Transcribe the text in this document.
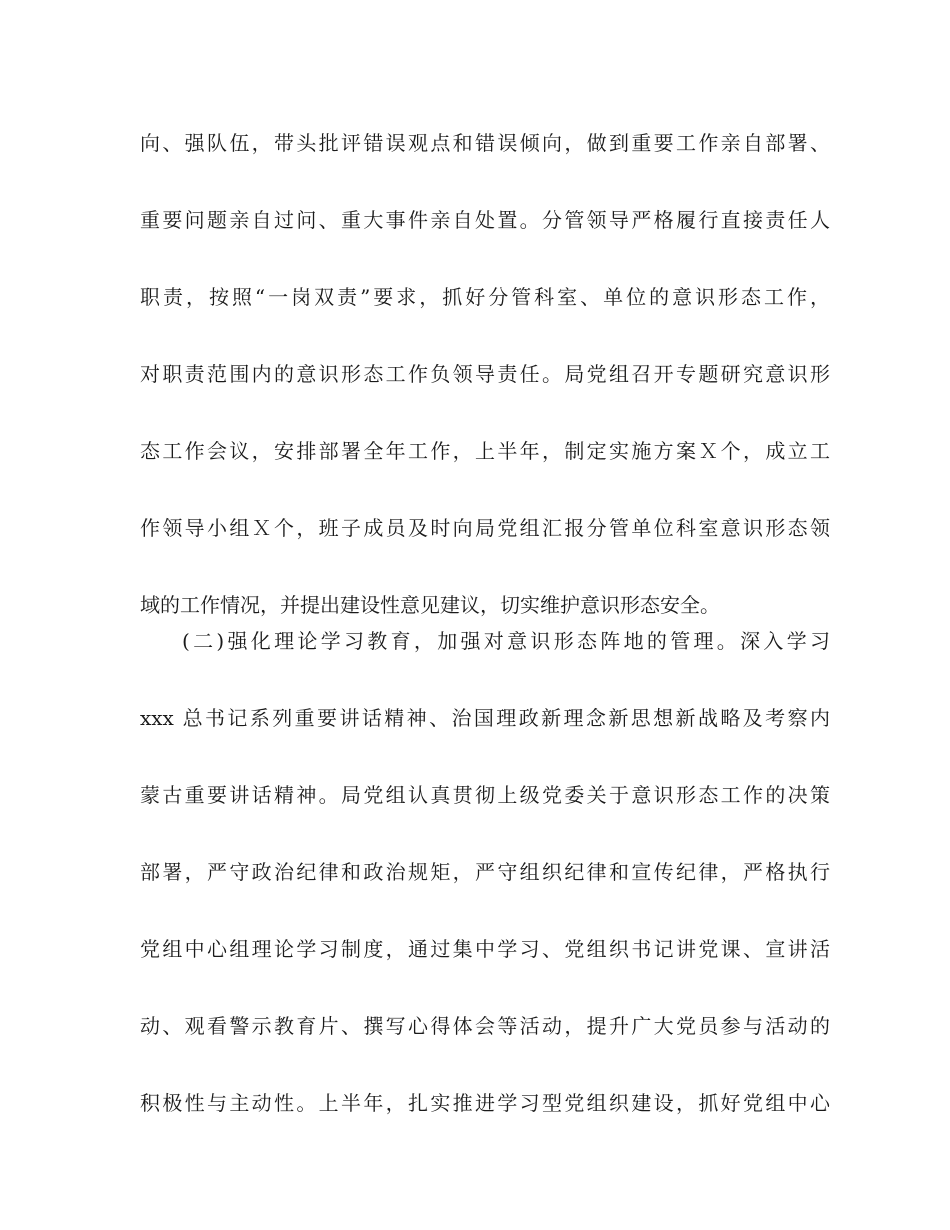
向、强队伍，带头批评错误观点和错误倾向，做到重要工作亲自部署、
重要问题亲自过问、重大事件亲自处置。分管领导严格履行直接责任人
职责，按照“一岗双责”要求，抓好分管科室、单位的意识形态工作，
对职责范围内的意识形态工作负领导责任。局党组召开专题研究意识形
态工作会议，安排部署全年工作，上半年，制定实施方案Ｘ个，成立工
作领导小组Ｘ个，班子成员及时向局党组汇报分管单位科室意识形态领
域的工作情况，并提出建设性意见建议，切实维护意识形态安全。
(二)强化理论学习教育，加强对意识形态阵地的管理。深入学习
xxx 总书记系列重要讲话精神、治国理政新理念新思想新战略及考察内
蒙古重要讲话精神。局党组认真贯彻上级党委关于意识形态工作的决策
部署，严守政治纪律和政治规矩，严守组织纪律和宣传纪律，严格执行
党组中心组理论学习制度，通过集中学习、党组织书记讲党课、宣讲活
动、观看警示教育片、撰写心得体会等活动，提升广大党员参与活动的
积极性与主动性。上半年，扎实推进学习型党组织建设，抓好党组中心
